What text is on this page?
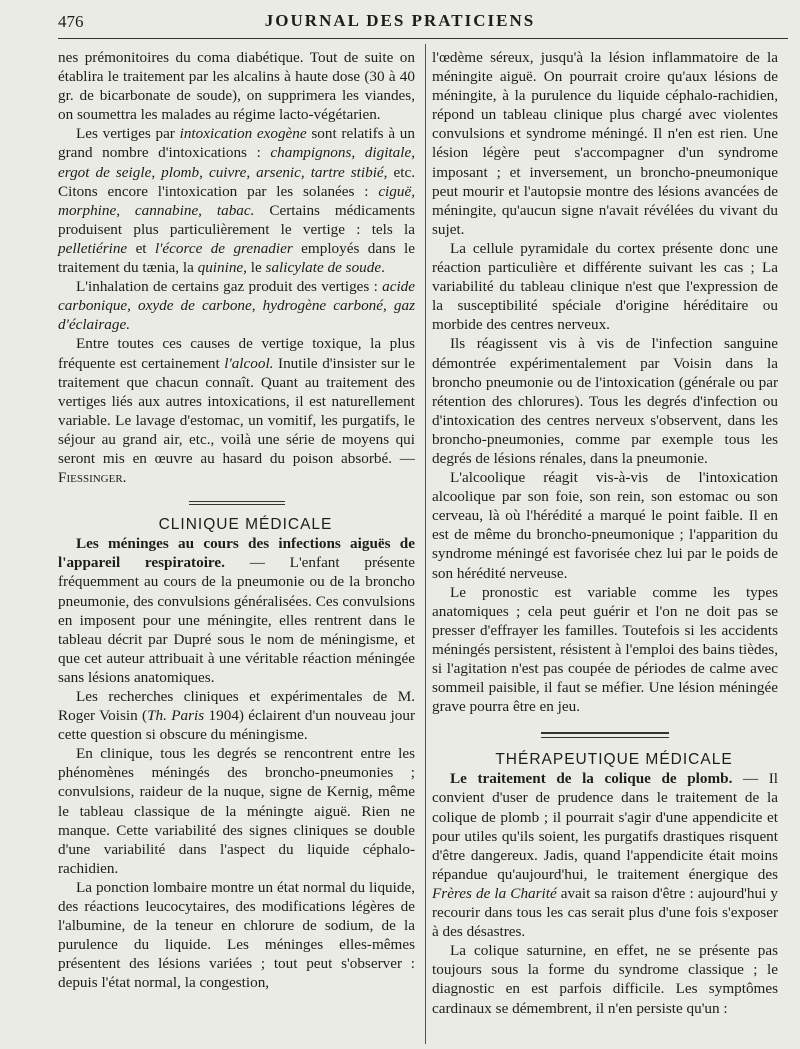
476	JOURNAL DES PRATICIENS

nes prémonitoires du coma diabétique. Tout de suite on établira le traitement par les alcalins à haute dose (30 à 40 gr. de bicarbonate de soude), on supprimera les viandes, on soumettra les malades au régime lacto-végétarien.

Les vertiges par intoxication exogène sont relatifs à un grand nombre d'intoxications : champignons, digitale, ergot de seigle, plomb, cuivre, arsenic, tartre stibié, etc. Citons encore l'intoxication par les solanées : ciguë, morphine, cannabine, tabac. Certains médicaments produisent plus particulièrement le vertige : tels la pelletiérine et l'écorce de grenadier employés dans le traitement du tænia, la quinine, le salicylate de soude.

L'inhalation de certains gaz produit des vertiges : acide carbonique, oxyde de carbone, hydrogène carboné, gaz d'éclairage.

Entre toutes ces causes de vertige toxique, la plus fréquente est certainement l'alcool. Inutile d'insister sur le traitement que chacun connaît. Quant au traitement des vertiges liés aux autres intoxications, il est naturellement variable. Le lavage d'estomac, un vomitif, les purgatifs, le séjour au grand air, etc., voilà une série de moyens qui seront mis en œuvre au hasard du poison absorbé. — Fiessinger.

CLINIQUE MÉDICALE

Les méninges au cours des infections aiguës de l'appareil respiratoire. — L'enfant présente fréquemment au cours de la pneumonie ou de la broncho pneumonie, des convulsions généralisées. Ces convulsions en imposent pour une méningite, elles rentrent dans le tableau décrit par Dupré sous le nom de méningisme, et que cet auteur attribuait à une véritable réaction méningée sans lésions anatomiques.

Les recherches cliniques et expérimentales de M. Roger Voisin (Th. Paris 1904) éclairent d'un nouveau jour cette question si obscure du méningisme.

En clinique, tous les degrés se rencontrent entre les phénomènes méningés des broncho-pneumonies ; convulsions, raideur de la nuque, signe de Kernig, même le tableau classique de la méningte aiguë. Rien ne manque. Cette variabilité des signes cliniques se double d'une variabilité dans l'aspect du liquide céphalo-rachidien.

La ponction lombaire montre un état normal du liquide, des réactions leucocytaires, des modifications légères de l'albumine, de la teneur en chlorure de sodium, de la purulence du liquide. Les méninges elles-mêmes présentent des lésions variées ; tout peut s'observer : depuis l'état normal, la congestion,

l'œdème séreux, jusqu'à la lésion inflammatoire de la méningite aiguë. On pourrait croire qu'aux lésions de méningite, à la purulence du liquide céphalo-rachidien, répond un tableau clinique plus chargé avec violentes convulsions et syndrome méningé. Il n'en est rien. Une lésion légère peut s'accompagner d'un syndrome imposant ; et inversement, un broncho-pneumonique peut mourir et l'autopsie montre des lésions avancées de méningite, qu'aucun signe n'avait révélées du vivant du sujet.

La cellule pyramidale du cortex présente donc une réaction particulière et différente suivant les cas ; La variabilité du tableau clinique n'est que l'expression de la susceptibilité spéciale d'origine héréditaire ou morbide des centres nerveux.

Ils réagissent vis à vis de l'infection sanguine démontrée expérimentalement par Voisin dans la broncho pneumonie ou de l'intoxication (générale ou par rétention des chlorures). Tous les degrés d'infection ou d'intoxication des centres nerveux s'observent, dans les broncho-pneumonies, comme par exemple tous les degrés de lésions rénales, dans la pneumonie.

L'alcoolique réagit vis-à-vis de l'intoxication alcoolique par son foie, son rein, son estomac ou son cerveau, là où l'hérédité a marqué le point faible. Il en est de même du broncho-pneumonique ; l'apparition du syndrome méningé est favorisée chez lui par le poids de son hérédité nerveuse.

Le pronostic est variable comme les types anatomiques ; cela peut guérir et l'on ne doit pas se presser d'effrayer les familles. Toutefois si les accidents méningés persistent, résistent à l'emploi des bains tièdes, si l'agitation n'est pas coupée de périodes de calme avec sommeil paisible, il faut se méfier. Une lésion méningée grave pourra être en jeu.

THÉRAPEUTIQUE MÉDICALE

Le traitement de la colique de plomb. — Il convient d'user de prudence dans le traitement de la colique de plomb ; il pourrait s'agir d'une appendicite et pour utiles qu'ils soient, les purgatifs drastiques risquent d'être dangereux. Jadis, quand l'appendicite était moins répandue qu'aujourd'hui, le traitement énergique des Frères de la Charité avait sa raison d'être : aujourd'hui y recourir dans tous les cas serait plus d'une fois s'exposer à des désastres.

La colique saturnine, en effet, ne se présente pas toujours sous la forme du syndrome classique ; le diagnostic en est parfois difficile. Les symptômes cardinaux se démembrent, il n'en persiste qu'un :
